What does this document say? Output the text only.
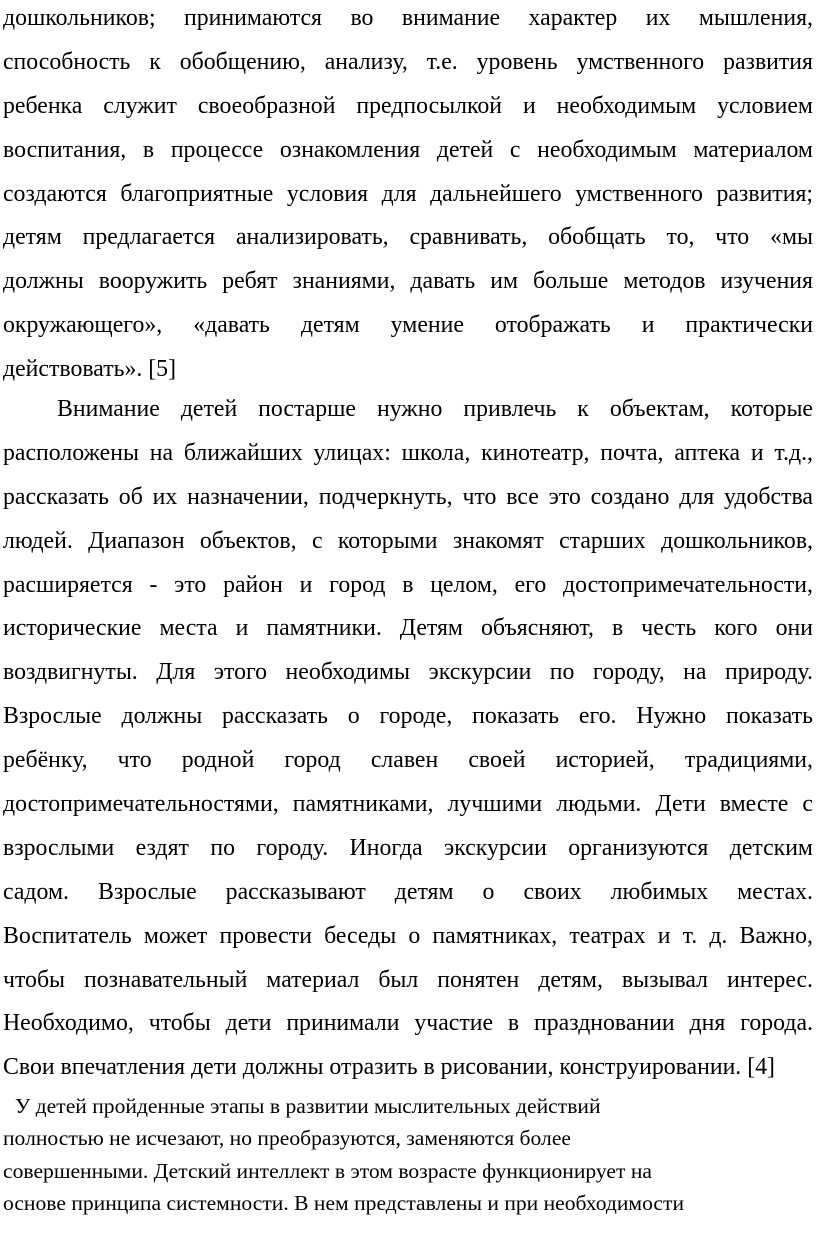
дошкольников; принимаются во внимание характер их мышления,
способность к обобщению, анализу, т.е. уровень умственного развития
ребенка служит своеобразной предпосылкой и необходимым условием
воспитания, в процессе ознакомления детей с необходимым материалом
создаются благоприятные условия для дальнейшего умственного развития;
детям предлагается анализировать, сравнивать, обобщать то, что «мы
должны вооружить ребят знаниями, давать им больше методов изучения
окружающего», «давать детям умение отображать и практически
действовать». [5]
Внимание детей постарше нужно привлечь к объектам, которые
расположены на ближайших улицах: школа, кинотеатр, почта, аптека и т.д.,
рассказать об их назначении, подчеркнуть, что все это создано для удобства
людей. Диапазон объектов, с которыми знакомят старших дошкольников,
расширяется - это район и город в целом, его достопримечательности,
исторические места и памятники. Детям объясняют, в честь кого они
воздвигнуты. Для этого необходимы экскурсии по городу, на природу.
Взрослые должны рассказать о городе, показать его. Нужно показать
ребёнку, что родной город славен своей историей, традициями,
достопримечательностями, памятниками, лучшими людьми. Дети вместе с
взрослыми ездят по городу. Иногда экскурсии организуются детским
садом. Взрослые рассказывают детям о своих любимых местах.
Воспитатель может провести беседы о памятниках, театрах и т. д. Важно,
чтобы познавательный материал был понятен детям, вызывал интерес.
Необходимо, чтобы дети принимали участие в праздновании дня города.
Свои впечатления дети должны отразить в рисовании, конструировании. [4]
У детей пройденные этапы в развитии мыслительных действий
полностью не исчезают, но преобразуются, заменяются более
совершенными. Детский интеллект в этом возрасте функционирует на
основе принципа системности. В нем представлены и при необходимости
